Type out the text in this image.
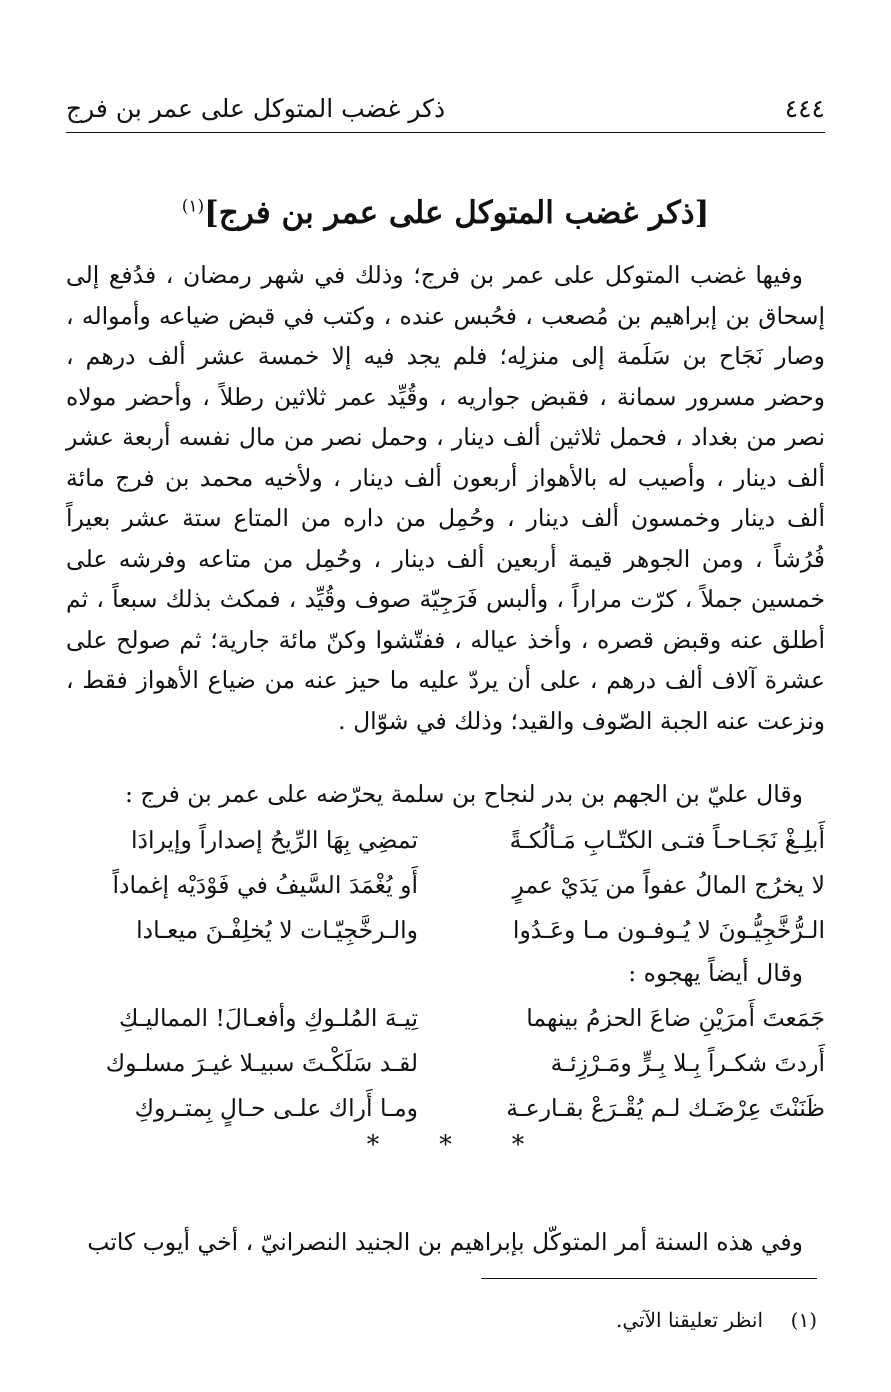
٤٤٤
ذكر غضب المتوكل على عمر بن فرج
[ذكر غضب المتوكل على عمر بن فرج]$^{(١)}$
وفيها غضب المتوكل على عمر بن فرج؛ وذلك في شهر رمضان ، فدُفع إلى إسحاق بن إبراهيم بن مُصعب ، فحُبس عنده ، وكتب في قبض ضياعه وأمواله ، وصار نَجَاح بن سَلَمة إلى منزلِه؛ فلم يجد فيه إلا خمسة عشر ألف درهم ، وحضر مسرور سمانة ، فقبض جواريه ، وقُيِّد عمر ثلاثين رطلاً ، وأحضر مولاه نصر من بغداد ، فحمل ثلاثين ألف دينار ، وحمل نصر من مال نفسه أربعة عشر ألف دينار ، وأصيب له بالأهواز أربعون ألف دينار ، ولأخيه محمد بن فرج مائة ألف دينار وخمسون ألف دينار ، وحُمِل من داره من المتاع ستة عشر بعيراً فُرُشاً ، ومن الجوهر قيمة أربعين ألف دينار ، وحُمِل من متاعه وفرشه على خمسين جملاً ، كرّت مراراً ، وألبس فَرَجِيّة صوف وقُيِّد ، فمكث بذلك سبعاً ، ثم أطلق عنه وقبض قصره ، وأخذ عياله ، ففتّشوا وكنّ مائة جارية؛ ثم صولح على عشرة آلاف ألف درهم ، على أن يردّ عليه ما حيز عنه من ضياع الأهواز فقط ، ونزعت عنه الجبة الصّوف والقيد؛ وذلك في شوّال .
وقال عليّ بن الجهم بن بدر لنجاح بن سلمة يحرّضه على عمر بن فرج :
أَبلِـغْ نَجَـاحـاً فتـى الكتّـابِ مَـألُكـةً
تمضِي بِهَا الرِّيحُ إصداراً وإيرادَا
لا يخرُج المالُ عفواً من يَدَيْ عمرٍ
أَو يُغْمَدَ السَّيفُ في فَوْدَيْه إغماداً
الـرُّخَّجِيُّـونَ لا يُـوفـون مـا وعَـدُوا
والـرخَّجِيّـات لا يُخلِفْـنَ ميعـادا
وقال أيضاً يهجوه :
جَمَعتَ أَمرَيْنِ ضاعَ الحزمُ بينهما
تِيـهَ المُلـوكِ وأفعـالَ! المماليـكِ
أَردتَ شكـراً بِـلا بِـرٍّ ومَـرْزِئـة
لقـد سَلَكْـتَ سبيـلا غيـرَ مسلـوك
ظَنَنْتَ عِرْضَـك لـم يُقْـرَعْ بقـارعـة
ومـا أَراك علـى حـالٍ بِمتـروكِ
* * *
وفي هذه السنة أمر المتوكّل بإبراهيم بن الجنيد النصرانيّ ، أخي أيوب كاتب
(١)انظر تعليقنا الآتي.
